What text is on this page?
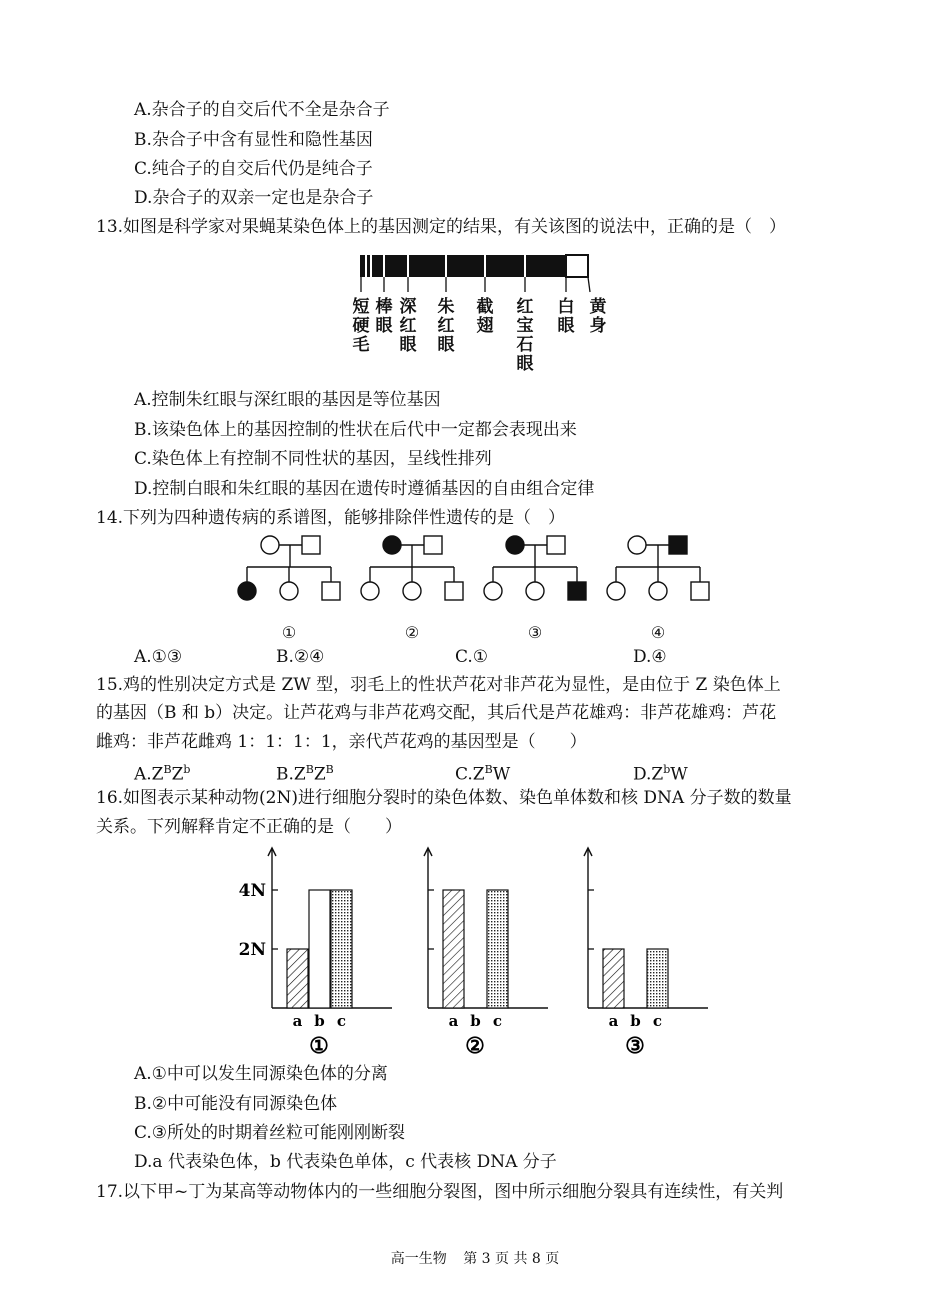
A.杂合子的自交后代不全是杂合子
B.杂合子中含有显性和隐性基因
C.纯合子的自交后代仍是纯合子
D.杂合子的双亲一定也是杂合子
13.如图是科学家对果蝇某染色体上的基因测定的结果，有关该图的说法中，正确的是（　）
短硬毛
棒眼
深红眼
朱红眼
截翅
红宝石眼
白眼
黄身
A.控制朱红眼与深红眼的基因是等位基因
B.该染色体上的基因控制的性状在后代中一定都会表现出来
C.染色体上有控制不同性状的基因，呈线性排列
D.控制白眼和朱红眼的基因在遗传时遵循基因的自由组合定律
14.下列为四种遗传病的系谱图，能够排除伴性遗传的是（　）
①	②	③	④
A.①③	B.②④	C.①	D.④
15.鸡的性别决定方式是 ZW 型，羽毛上的性状芦花对非芦花为显性，是由位于 Z 染色体上
的基因（B 和 b）决定。让芦花鸡与非芦花鸡交配，其后代是芦花雄鸡：非芦花雄鸡：芦花
雌鸡：非芦花雌鸡 1：1：1：1，亲代芦花鸡的基因型是（　　）
$A.Z^BZ^b$	$B.Z^BZ^B$	$C.Z^BW$	$D.Z^bW$
16.如图表示某种动物(2N)进行细胞分裂时的染色体数、染色单体数和核 DNA 分子数的数量
关系。下列解释肯定不正确的是（　　）
2N
4N
a b c
①
a b c
②
a b c
③
A.①中可以发生同源染色体的分离
B.②中可能没有同源染色体
C.③所处的时期着丝粒可能刚刚断裂
D.a 代表染色体，b 代表染色单体，c 代表核 DNA 分子
17.以下甲~丁为某高等动物体内的一些细胞分裂图，图中所示细胞分裂具有连续性，有关判
高一生物 第 3 页 共 8 页
